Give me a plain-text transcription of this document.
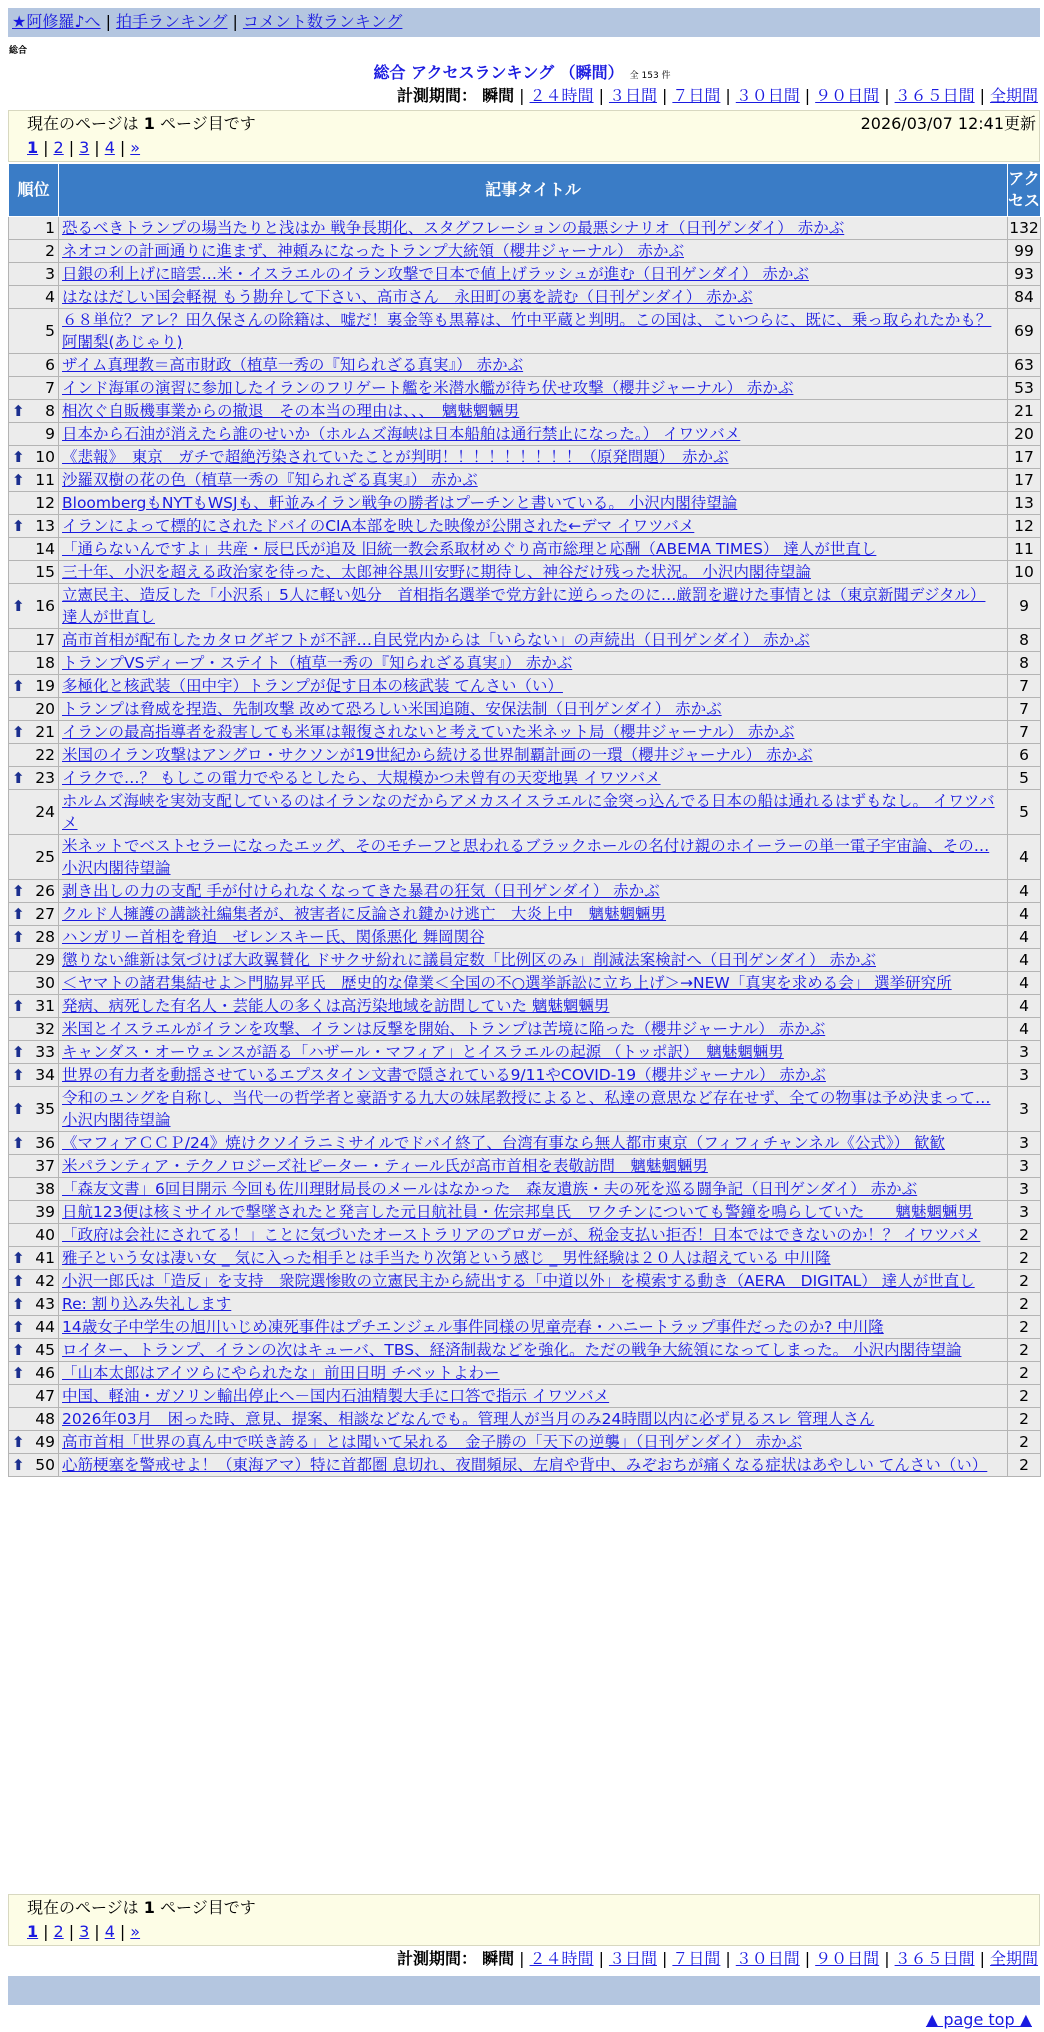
★阿修羅♪へ | 拍手ランキング | コメント数ランキング
総合
総合 アクセスランキング （瞬間） 全 153 件
計測期間： 瞬間 | ２４時間 | ３日間 | ７日間 | ３０日間 | ９０日間 | ３６５日間 | 全期間
現在のページは 1 ページ目です	2026/03/07 12:41更新
1 | 2 | 3 | 4 | »
順位	記事タイトル	アクセス
1	恐るべきトランプの場当たりと浅はか 戦争長期化、スタグフレーションの最悪シナリオ（日刊ゲンダイ） 赤かぶ	132
2	ネオコンの計画通りに進まず、神頼みになったトランプ大統領（櫻井ジャーナル） 赤かぶ	99
3	日銀の利上げに暗雲…米・イスラエルのイラン攻撃で日本で値上げラッシュが進む（日刊ゲンダイ） 赤かぶ	93
4	はなはだしい国会軽視 もう勘弁して下さい、高市さん　永田町の裏を読む（日刊ゲンダイ） 赤かぶ	84
5	６８単位？アレ？田久保さんの除籍は、嘘だ！裏金等も黒幕は、竹中平蔵と判明。この国は、こいつらに、既に、乗っ取られたかも？ 阿闍梨(あじゃり)	69
6	ザイム真理教＝高市財政（植草一秀の『知られざる真実』） 赤かぶ	63
7	インド海軍の演習に参加したイランのフリゲート艦を米潜水艦が待ち伏せ攻撃（櫻井ジャーナル） 赤かぶ	53

⬆ 8	相次ぐ自販機事業からの撤退　その本当の理由は、、、　魑魅魍魎男	21
9	日本から石油が消えたら誰のせいか（ホルムズ海峡は日本船舶は通行禁止になった。） イワツバメ	20

⬆ 10	《悲報》　東京　ガチで超絶汚染されていたことが判明！！！！！！！！！（原発問題）　赤かぶ	17

⬆ 11	沙羅双樹の花の色（植草一秀の『知られざる真実』） 赤かぶ	17
12	BloombergもNYTもWSJも、軒並みイラン戦争の勝者はプーチンと書いている。 小沢内閣待望論	13

⬆ 13	イランによって標的にされたドバイのCIA本部を映した映像が公開された←デマ イワツバメ	12
14	「通らないんですよ」共産・辰巳氏が追及 旧統一教会系取材めぐり高市総理と応酬（ABEMA TIMES） 達人が世直し	11
15	三十年、小沢を超える政治家を待った、太郎神谷黒川安野に期待し、神谷だけ残った状況。 小沢内閣待望論	10

⬆ 16	立憲民主、造反した「小沢系」5人に軽い処分　首相指名選挙で党方針に逆らったのに…厳罰を避けた事情とは（東京新聞デジタル） 達人が世直し	9
17	高市首相が配布したカタログギフトが不評…自民党内からは「いらない」の声続出（日刊ゲンダイ） 赤かぶ	8
18	トランプVSディープ・ステイト（植草一秀の『知られざる真実』） 赤かぶ	8

⬆ 19	多極化と核武装（田中宇）トランプが促す日本の核武装 てんさい（い）	7
20	トランプは脅威を捏造、先制攻撃 改めて恐ろしい米国追随、安保法制（日刊ゲンダイ） 赤かぶ	7

⬆ 21	イランの最高指導者を殺害しても米軍は報復されないと考えていた米ネット局（櫻井ジャーナル） 赤かぶ	7
22	米国のイラン攻撃はアングロ・サクソンが19世紀から続ける世界制覇計画の一環（櫻井ジャーナル） 赤かぶ	6

⬆ 23	イラクで…？ もしこの電力でやるとしたら、大規模かつ未曾有の天変地異 イワツバメ	5
24	ホルムズ海峡を実効支配しているのはイランなのだからアメカスイスラエルに金突っ込んでる日本の船は通れるはずもなし。 イワツバメ	5
25	米ネットでベストセラーになったエッグ、そのモチーフと思われるブラックホールの名付け親のホイーラーの単一電子宇宙論、その… 小沢内閣待望論	4

⬆ 26	剥き出しの力の支配 手が付けられなくなってきた暴君の狂気（日刊ゲンダイ） 赤かぶ	4

⬆ 27	クルド人擁護の講談社編集者が、被害者に反論され鍵かけ逃亡　大炎上中　魑魅魍魎男	4

⬆ 28	ハンガリー首相を脅迫　ゼレンスキー氏、関係悪化 舞岡関谷	4
29	懲りない維新は気づけば大政翼賛化 ドサクサ紛れに議員定数「比例区のみ」削減法案検討へ（日刊ゲンダイ） 赤かぶ	4
30	＜ヤマトの諸君集結せよ＞門脇昇平氏　歴史的な偉業＜全国の不○選挙訴訟に立ち上げ＞→NEW「真実を求める会」 選挙研究所	4

⬆ 31	発病、病死した有名人・芸能人の多くは高汚染地域を訪問していた 魑魅魍魎男	4
32	米国とイスラエルがイランを攻撃、イランは反撃を開始、トランプは苦境に陥った（櫻井ジャーナル） 赤かぶ	4

⬆ 33	キャンダス・オーウェンスが語る「ハザール・マフィア」とイスラエルの起源 （トッポ訳）　魑魅魍魎男	3

⬆ 34	世界の有力者を動揺させているエプスタイン文書で隠されている9/11やCOVID-19（櫻井ジャーナル） 赤かぶ	3

⬆ 35	令和のユングを自称し、当代一の哲学者と豪語する九大の妹尾教授によると、私達の意思など存在せず、全ての物事は予め決まって… 小沢内閣待望論	3

⬆ 36	《マフィアＣＣＰ/24》焼けクソイラニミサイルでドバイ終了、台湾有事なら無人都市東京（フィフィチャンネル《公式》） 歓歓	3
37	米パランティア・テクノロジーズ社ピーター・ティール氏が高市首相を表敬訪問　魑魅魍魎男	3
38	「森友文書」6回目開示 今回も佐川理財局長のメールはなかった　森友遺族・夫の死を巡る闘争記（日刊ゲンダイ） 赤かぶ	3
39	日航123便は核ミサイルで撃墜されたと発言した元日航社員・佐宗邦皇氏　ワクチンについても警鐘を鳴らしていた　　魑魅魍魎男	3
40	「政府は会社にされてる！」ことに気づいたオーストラリアのブロガーが、税金支払い拒否！日本ではできないのか！？ イワツバメ	2

⬆ 41	雅子という女は凄い女 _ 気に入った相手とは手当たり次第という感じ _ 男性経験は２０人は超えている 中川隆	2

⬆ 42	小沢一郎氏は「造反」を支持　衆院選惨敗の立憲民主から続出する「中道以外」を模索する動き（AERA　DIGITAL） 達人が世直し	2

⬆ 43	Re: 割り込み失礼します	2

⬆ 44	14歳女子中学生の旭川いじめ凍死事件はプチエンジェル事件同様の児童売春・ハニートラップ事件だったのか? 中川隆	2

⬆ 45	ロイター、トランプ、イランの次はキューバ、TBS、経済制裁などを強化。ただの戦争大統領になってしまった。 小沢内閣待望論	2

⬆ 46	「山本太郎はアイツらにやられたな」前田日明 チベットよわー	2
47	中国、軽油・ガソリン輸出停止へ－国内石油精製大手に口答で指示 イワツバメ	2
48	2026年03月　困った時、意見、提案、相談などなんでも。管理人が当月のみ24時間以内に必ず見るスレ 管理人さん	2

⬆ 49	高市首相「世界の真ん中で咲き誇る」とは聞いて呆れる　金子勝の「天下の逆襲」（日刊ゲンダイ） 赤かぶ	2

⬆ 50	心筋梗塞を警戒せよ！（東海アマ）特に首都圏 息切れ、夜間頻尿、左肩や背中、みぞおちが痛くなる症状はあやしい てんさい（い）	2
現在のページは 1 ページ目です
1 | 2 | 3 | 4 | »
計測期間： 瞬間 | ２４時間 | ３日間 | ７日間 | ３０日間 | ９０日間 | ３６５日間 | 全期間
▲ page top ▲
